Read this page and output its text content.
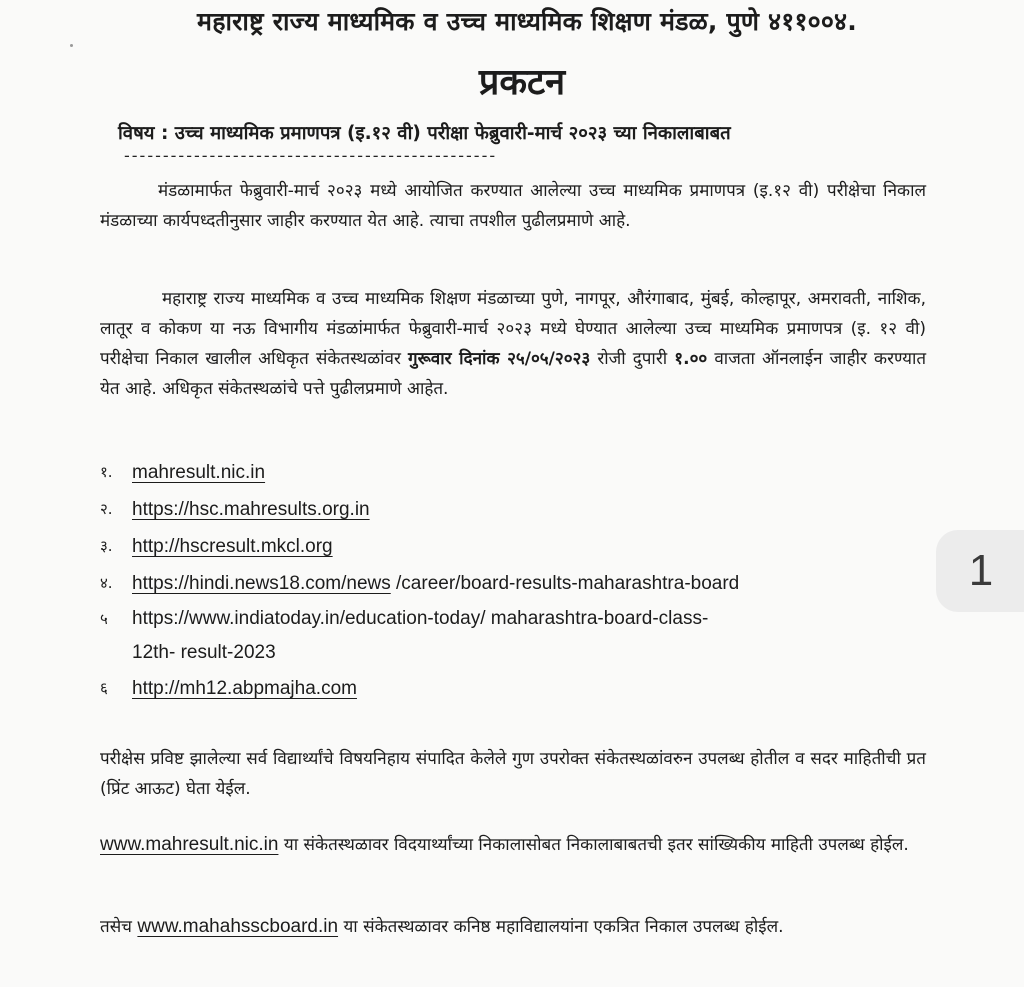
महाराष्ट्र राज्य माध्यमिक व उच्च माध्यमिक शिक्षण मंडळ, पुणे ४११००४.
प्रकटन
विषय : उच्च माध्यमिक प्रमाणपत्र (इ.१२ वी) परीक्षा फेब्रुवारी-मार्च २०२३ च्या निकालाबाबत
------------------------------------------------
मंडळामार्फत फेब्रुवारी-मार्च २०२३ मध्ये आयोजित करण्यात आलेल्या उच्च माध्यमिक प्रमाणपत्र (इ.१२ वी) परीक्षेचा निकाल मंडळाच्या कार्यपध्दतीनुसार जाहीर करण्यात येत आहे. त्याचा तपशील पुढीलप्रमाणे आहे.
महाराष्ट्र राज्य माध्यमिक व उच्च माध्यमिक शिक्षण मंडळाच्या पुणे, नागपूर, औरंगाबाद, मुंबई, कोल्हापूर, अमरावती, नाशिक, लातूर व कोकण या नऊ विभागीय मंडळांमार्फत फेब्रुवारी-मार्च २०२३ मध्ये घेण्यात आलेल्या उच्च माध्यमिक प्रमाणपत्र (इ. १२ वी) परीक्षेचा निकाल खालील अधिकृत संकेतस्थळांवर गुरूवार दिनांक २५/०५/२०२३ रोजी दुपारी १.०० वाजता ऑनलाईन जाहीर करण्यात येत आहे. अधिकृत संकेतस्थळांचे पत्ते पुढीलप्रमाणे आहेत.
१. mahresult.nic.in
२. https://hsc.mahresults.org.in
३. http://hscresult.mkcl.org
४. https://hindi.news18.com/news /career/board-results-maharashtra-board
५ https://www.indiatoday.in/education-today/ maharashtra-board-class-
12th- result-2023
६ http://mh12.abpmajha.com
परीक्षेस प्रविष्ट झालेल्या सर्व विद्यार्थ्यांचे विषयनिहाय संपादित केलेले गुण उपरोक्त संकेतस्थळांवरुन उपलब्ध होतील व सदर माहितीची प्रत (प्रिंट आऊट) घेता येईल.
www.mahresult.nic.in या संकेतस्थळावर विदयार्थ्यांच्या निकालासोबत निकालाबाबतची इतर सांख्यिकीय माहिती उपलब्ध होईल.
तसेच www.mahahsscboard.in या संकेतस्थळावर कनिष्ठ महाविद्यालयांना एकत्रित निकाल उपलब्ध होईल.
1
